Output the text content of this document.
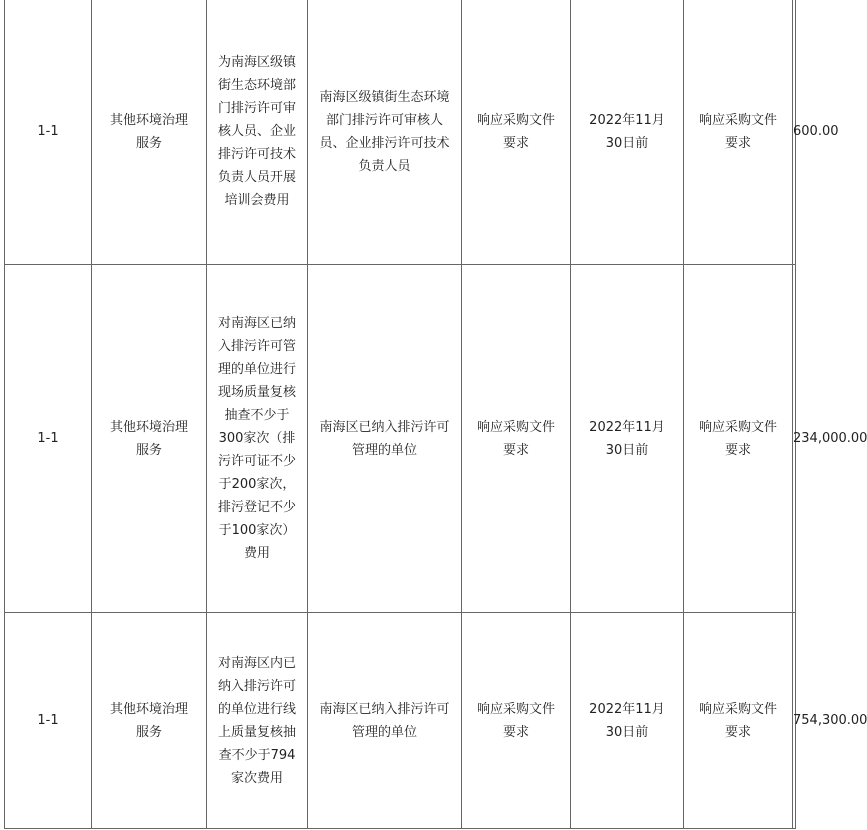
1-1	其他环境治理服务	为南海区级镇街生态环境部门排污许可审核人员、企业排污许可技术负责人员开展培训会费用	南海区级镇街生态环境部门排污许可审核人员、企业排污许可技术负责人员	响应采购文件要求	2022年11月30日前	响应采购文件要求	600.00
1-1	其他环境治理服务	对南海区已纳入排污许可管理的单位进行现场质量复核抽查不少于300家次（排污许可证不少于200家次，排污登记不少于100家次）费用	南海区已纳入排污许可管理的单位	响应采购文件要求	2022年11月30日前	响应采购文件要求	234,000.00
1-1	其他环境治理服务	对南海区内已纳入排污许可的单位进行线上质量复核抽查不少于794家次费用	南海区已纳入排污许可管理的单位	响应采购文件要求	2022年11月30日前	响应采购文件要求	754,300.00
